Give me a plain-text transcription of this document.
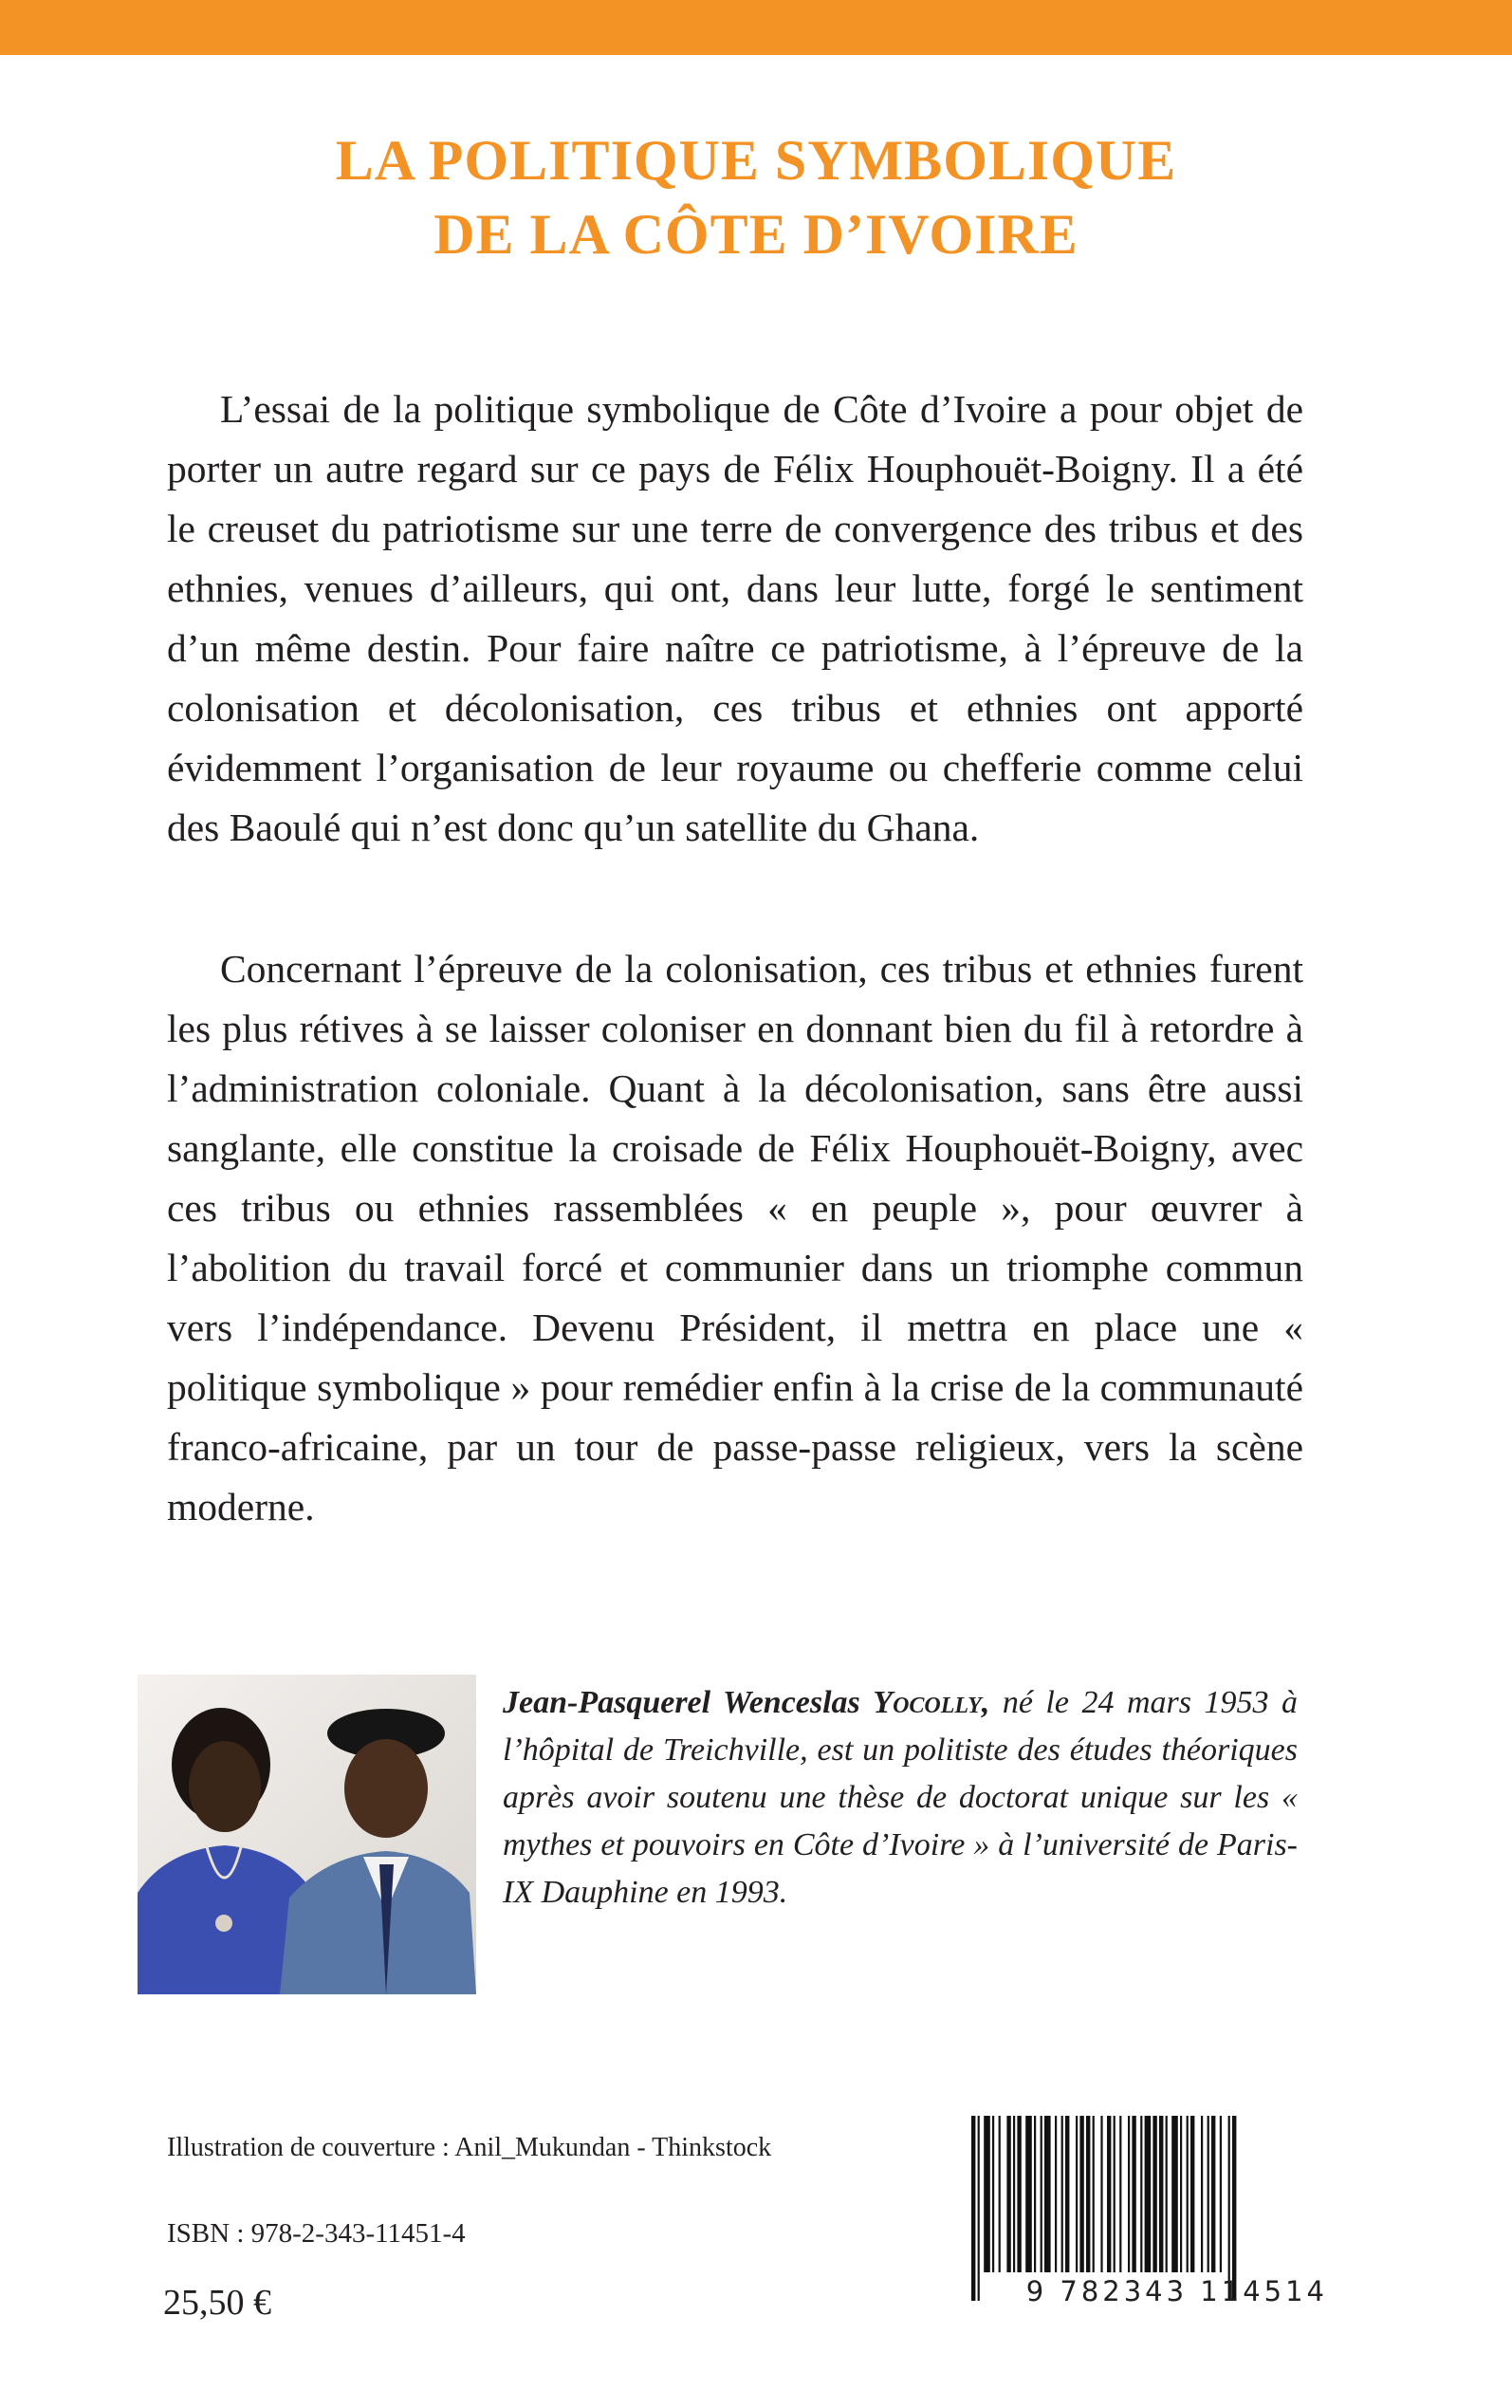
LA POLITIQUE SYMBOLIQUE
DE LA CÔTE D’IVOIRE

L’essai de la politique symbolique de Côte d’Ivoire a pour objet de porter un autre regard sur ce pays de Félix Houphouët-Boigny. Il a été le creuset du patriotisme sur une terre de convergence des tribus et des ethnies, venues d’ailleurs, qui ont, dans leur lutte, forgé le sentiment d’un même destin. Pour faire naître ce patriotisme, à l’épreuve de la colonisation et décolonisation, ces tribus et ethnies ont apporté évidemment l’organisation de leur royaume ou chefferie comme celui des Baoulé qui n’est donc qu’un satellite du Ghana.

Concernant l’épreuve de la colonisation, ces tribus et ethnies furent les plus rétives à se laisser coloniser en donnant bien du fil à retordre à l’administration coloniale. Quant à la décolonisation, sans être aussi sanglante, elle constitue la croisade de Félix Houphouët-Boigny, avec ces tribus ou ethnies rassemblées « en peuple », pour œuvrer à l’abolition du travail forcé et communier dans un triomphe commun vers l’indépendance. Devenu Président, il mettra en place une « politique symbolique » pour remédier enfin à la crise de la communauté franco-africaine, par un tour de passe-passe religieux, vers la scène moderne.

Jean-Pasquerel Wenceslas Yocolly, né le 24 mars 1953 à l’hôpital de Treichville, est un politiste des études théoriques après avoir soutenu une thèse de doctorat unique sur les « mythes et pouvoirs en Côte d’Ivoire » à l’université de Paris-IX Dauphine en 1993.

Illustration de couverture : Anil_Mukundan - Thinkstock
ISBN : 978-2-343-11451-4
25,50 €	9 782343 114514
